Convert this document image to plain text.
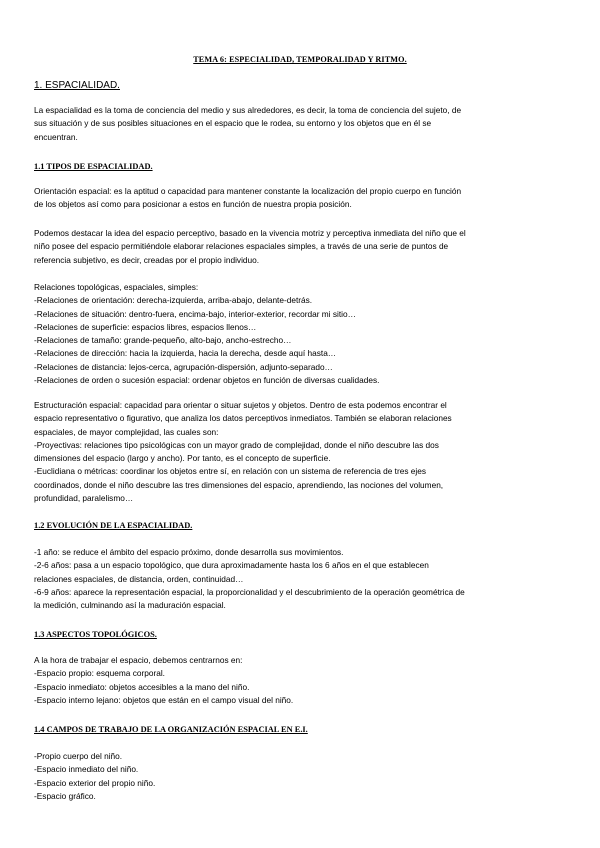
TEMA 6: ESPECIALIDAD, TEMPORALIDAD Y RITMO.
1. ESPACIALIDAD.
La espacialidad es la toma de conciencia del medio y sus alrededores, es decir, la toma de conciencia del sujeto, de
sus situación y de sus posibles situaciones en el espacio que le rodea, su entorno y los objetos que en él se
encuentran.
1.1 TIPOS DE ESPACIALIDAD.
Orientación espacial: es la aptitud o capacidad para mantener constante la localización del propio cuerpo en función
de los objetos así como para posicionar a estos en función de nuestra propia posición.
Podemos destacar la idea del espacio perceptivo, basado en la vivencia motriz y perceptiva inmediata del niño que el
niño posee del espacio permitiéndole elaborar relaciones espaciales simples, a través de una serie de puntos de
referencia subjetivo, es decir, creadas por el propio individuo.
Relaciones topológicas, espaciales, simples:
-Relaciones de orientación: derecha-izquierda, arriba-abajo, delante-detrás.
-Relaciones de situación: dentro-fuera, encima-bajo, interior-exterior, recordar mi sitio…
-Relaciones de superficie: espacios libres, espacios llenos…
-Relaciones de tamaño: grande-pequeño, alto-bajo, ancho-estrecho…
-Relaciones de dirección: hacia la izquierda, hacia la derecha, desde aquí hasta…
-Relaciones de distancia: lejos-cerca, agrupación-dispersión, adjunto-separado…
-Relaciones de orden o sucesión espacial: ordenar objetos en función de diversas cualidades.
Estructuración espacial: capacidad para orientar o situar sujetos y objetos. Dentro de esta podemos encontrar el
espacio representativo o figurativo, que analiza los datos perceptivos inmediatos. También se elaboran relaciones
espaciales, de mayor complejidad, las cuales son:
-Proyectivas: relaciones tipo psicológicas con un mayor grado de complejidad, donde el niño descubre las dos
dimensiones del espacio (largo y ancho). Por tanto, es el concepto de superficie.
-Euclidiana o métricas: coordinar los objetos entre sí, en relación con un sistema de referencia de tres ejes
coordinados, donde el niño descubre las tres dimensiones del espacio, aprendiendo, las nociones del volumen,
profundidad, paralelismo…
1.2 EVOLUCIÓN DE LA ESPACIALIDAD.
-1 año: se reduce el ámbito del espacio próximo, donde desarrolla sus movimientos.
-2-6 años: pasa a un espacio topológico, que dura aproximadamente hasta los 6 años en el que establecen
relaciones espaciales, de distancia, orden, continuidad…
-6-9 años: aparece la representación espacial, la proporcionalidad y el descubrimiento de la operación geométrica de
la medición, culminando así la maduración espacial.
1.3 ASPECTOS TOPOLÓGICOS.
A la hora de trabajar el espacio, debemos centrarnos en:
-Espacio propio: esquema corporal.
-Espacio inmediato: objetos accesibles a la mano del niño.
-Espacio interno lejano: objetos que están en el campo visual del niño.
1.4 CAMPOS DE TRABAJO DE LA ORGANIZACIÓN ESPACIAL EN E.I.
-Propio cuerpo del niño.
-Espacio inmediato del niño.
-Espacio exterior del propio niño.
-Espacio gráfico.
